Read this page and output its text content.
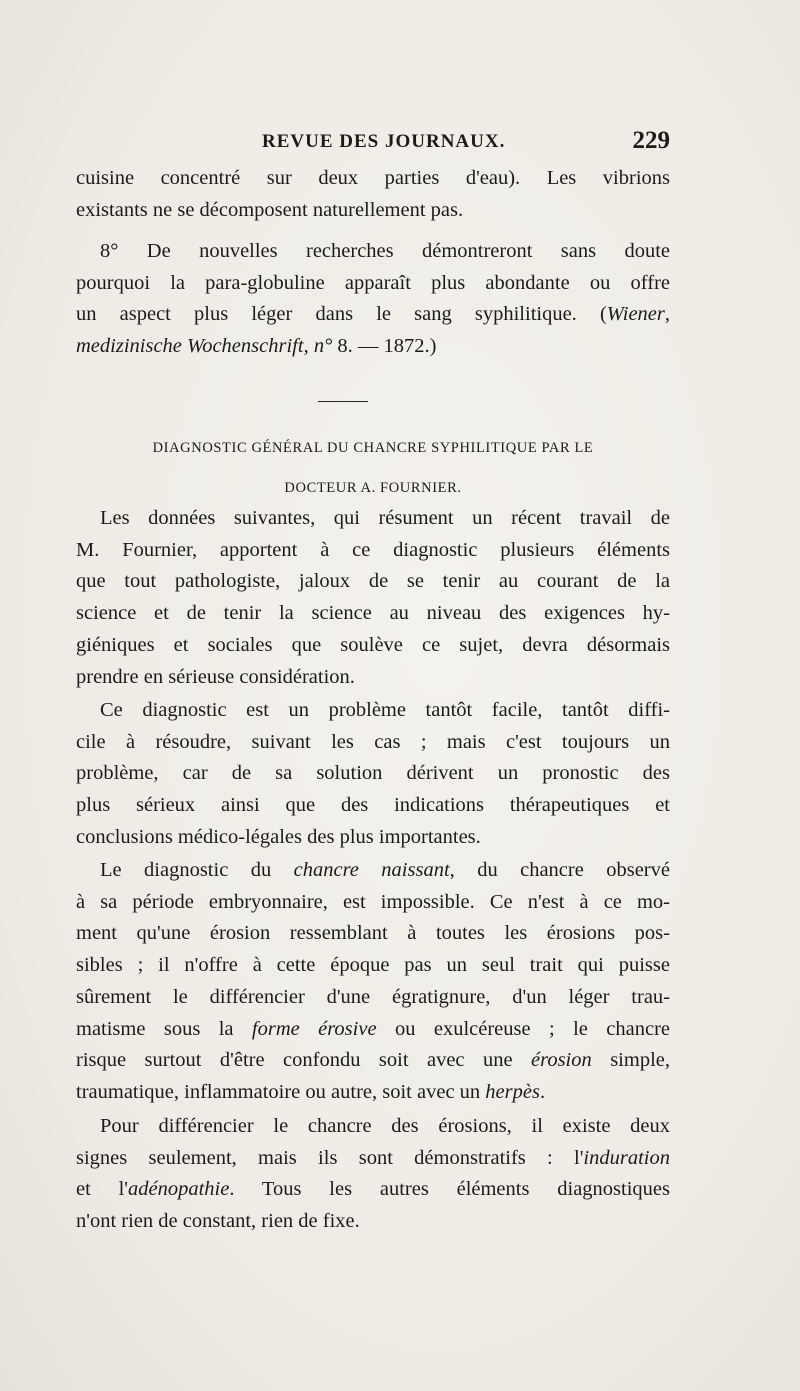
REVUE DES JOURNAUX.	229
cuisine concentré sur deux parties d'eau). Les vibrions
existants ne se décomposent naturellement pas.
8° De nouvelles recherches démontreront sans doute
pourquoi la para-globuline apparaît plus abondante ou offre
un aspect plus léger dans le sang syphilitique. (Wiener,
medizinische Wochenschrift, n° 8. — 1872.)
DIAGNOSTIC GÉNÉRAL DU CHANCRE SYPHILITIQUE PAR LE
DOCTEUR A. FOURNIER.
Les données suivantes, qui résument un récent travail de
M. Fournier, apportent à ce diagnostic plusieurs éléments
que tout pathologiste, jaloux de se tenir au courant de la
science et de tenir la science au niveau des exigences hy-
giéniques et sociales que soulève ce sujet, devra désormais
prendre en sérieuse considération.
Ce diagnostic est un problème tantôt facile, tantôt diffi-
cile à résoudre, suivant les cas ; mais c'est toujours un
problème, car de sa solution dérivent un pronostic des
plus sérieux ainsi que des indications thérapeutiques et
conclusions médico-légales des plus importantes.
Le diagnostic du chancre naissant, du chancre observé
à sa période embryonnaire, est impossible. Ce n'est à ce mo-
ment qu'une érosion ressemblant à toutes les érosions pos-
sibles ; il n'offre à cette époque pas un seul trait qui puisse
sûrement le différencier d'une égratignure, d'un léger trau-
matisme sous la forme érosive ou exulcéreuse ; le chancre
risque surtout d'être confondu soit avec une érosion simple,
traumatique, inflammatoire ou autre, soit avec un herpès.
Pour différencier le chancre des érosions, il existe deux
signes seulement, mais ils sont démonstratifs : l'induration
et l'adénopathie. Tous les autres éléments diagnostiques
n'ont rien de constant, rien de fixe.
